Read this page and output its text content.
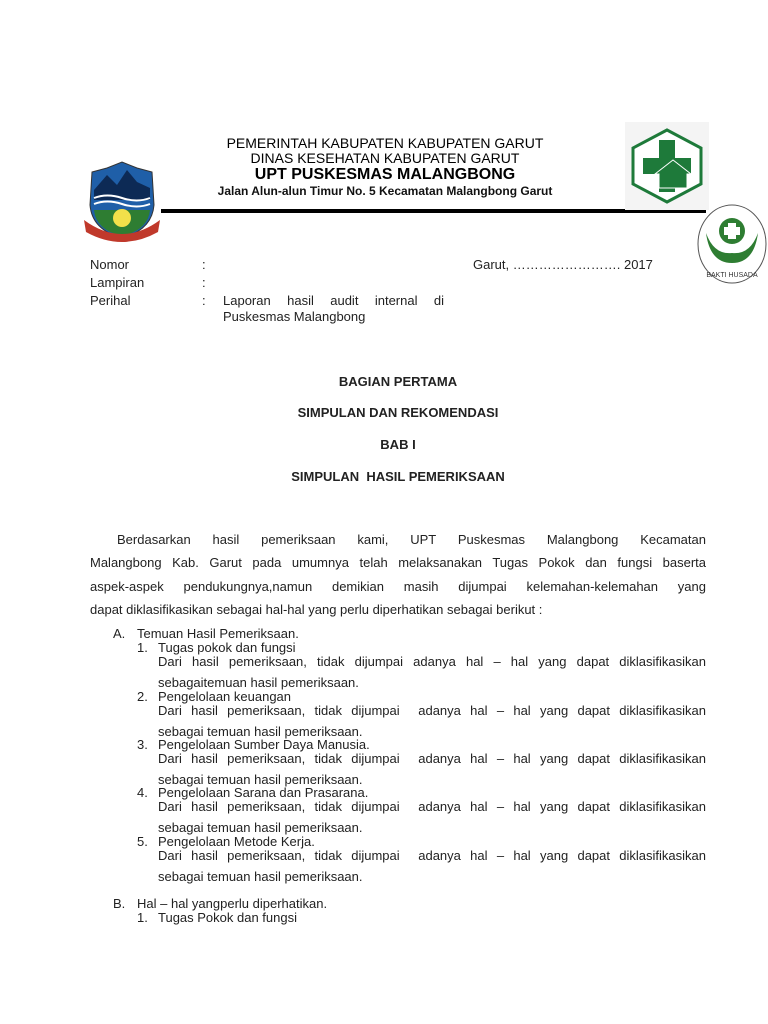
PEMERINTAH KABUPATEN KABUPATEN GARUT
DINAS KESEHATAN KABUPATEN GARUT
UPT PUSKESMAS MALANGBONG
Jalan Alun-alun Timur No. 5 Kecamatan Malangbong Garut
BAKTI HUSADA
Nomor	:	Garut, ……………………. 2017
Lampiran	:
Perihal	: Laporan hasil audit internal di
Puskesmas Malangbong
BAGIAN PERTAMA
SIMPULAN DAN REKOMENDASI
BAB I
SIMPULAN  HASIL PEMERIKSAAN
Berdasarkan hasil pemeriksaan kami, UPT Puskesmas Malangbong Kecamatan
Malangbong Kab. Garut pada umumnya telah melaksanakan Tugas Pokok dan fungsi baserta
aspek-aspek pendukungnya,namun demikian masih dijumpai kelemahan-kelemahan yang
dapat diklasifikasikan sebagai hal-hal yang perlu diperhatikan sebagai berikut :
A. Temuan Hasil Pemeriksaan.
1. Tugas pokok dan fungsi
Dari hasil pemeriksaan, tidak dijumpai adanya hal – hal yang dapat diklasifikasikan
sebagaitemuan hasil pemeriksaan.
2. Pengelolaan keuangan
Dari hasil pemeriksaan, tidak dijumpai  adanya hal – hal yang dapat diklasifikasikan
sebagai temuan hasil pemeriksaan.
3. Pengelolaan Sumber Daya Manusia.
Dari hasil pemeriksaan, tidak dijumpai  adanya hal – hal yang dapat diklasifikasikan
sebagai temuan hasil pemeriksaan.
4. Pengelolaan Sarana dan Prasarana.
Dari hasil pemeriksaan, tidak dijumpai  adanya hal – hal yang dapat diklasifikasikan
sebagai temuan hasil pemeriksaan.
5. Pengelolaan Metode Kerja.
Dari hasil pemeriksaan, tidak dijumpai  adanya hal – hal yang dapat diklasifikasikan
sebagai temuan hasil pemeriksaan.
B. Hal – hal yangperlu diperhatikan.
1. Tugas Pokok dan fungsi
